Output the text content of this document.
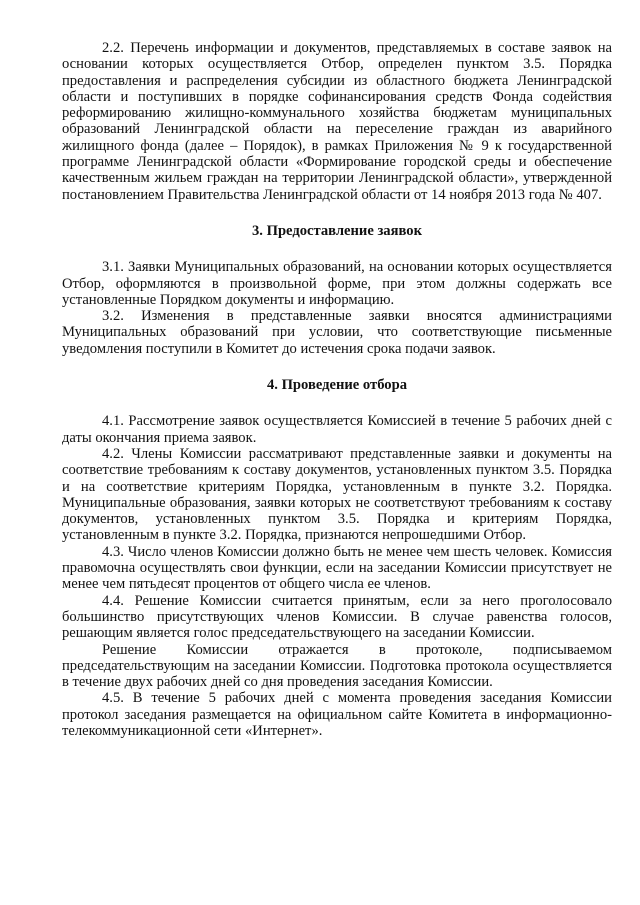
2.2. Перечень информации и документов, представляемых в составе заявок на основании которых осуществляется Отбор, определен пунктом 3.5. Порядка предоставления и распределения субсидии из областного бюджета Ленинградской области и поступивших в порядке софинансирования средств Фонда содействия реформированию жилищно-коммунального хозяйства бюджетам муниципальных образований Ленинградской области на переселение граждан из аварийного жилищного фонда (далее – Порядок), в рамках Приложения № 9 к государственной программе Ленинградской области «Формирование городской среды и обеспечение качественным жильем граждан на территории Ленинградской области», утвержденной постановлением Правительства Ленинградской области от 14 ноября 2013 года № 407.

3. Предоставление заявок

3.1. Заявки Муниципальных образований, на основании которых осуществляется Отбор, оформляются в произвольной форме, при этом должны содержать все установленные Порядком документы и информацию.

3.2. Изменения в представленные заявки вносятся администрациями Муниципальных образований при условии, что соответствующие письменные уведомления поступили в Комитет до истечения срока подачи заявок.

4. Проведение отбора

4.1. Рассмотрение заявок осуществляется Комиссией в течение 5 рабочих дней с даты окончания приема заявок.

4.2. Члены Комиссии рассматривают представленные заявки и документы на соответствие требованиям к составу документов, установленных пунктом 3.5. Порядка и на соответствие критериям Порядка, установленным в пункте 3.2. Порядка. Муниципальные образования, заявки которых не соответствуют требованиям к составу документов, установленных пунктом 3.5. Порядка и критериям Порядка, установленным в пункте 3.2. Порядка, признаются непрошедшими Отбор.

4.3. Число членов Комиссии должно быть не менее чем шесть человек. Комиссия правомочна осуществлять свои функции, если на заседании Комиссии присутствует не менее чем пятьдесят процентов от общего числа ее членов.

4.4. Решение Комиссии считается принятым, если за него проголосовало большинство присутствующих членов Комиссии. В случае равенства голосов, решающим является голос председательствующего на заседании Комиссии.

Решение Комиссии отражается в протоколе, подписываемом председательствующим на заседании Комиссии. Подготовка протокола осуществляется в течение двух рабочих дней со дня проведения заседания Комиссии.

4.5. В течение 5 рабочих дней с момента проведения заседания Комиссии протокол заседания размещается на официальном сайте Комитета в информационно-телекоммуникационной сети «Интернет».
